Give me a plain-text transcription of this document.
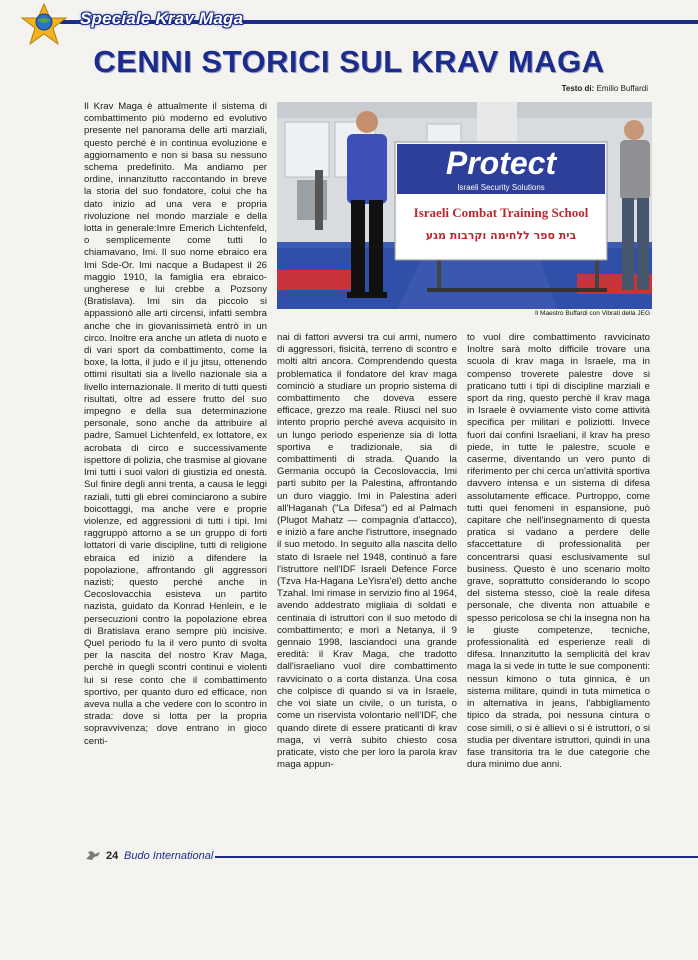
Speciale Krav Maga
CENNI STORICI SUL KRAV MAGA
Testo di: Emilio Buffardi
Protect
Israeli Security Solutions
Israeli Combat Training School
בית ספר ללחימה וקרבות מגע
Il Maestro Buffardi con Vibrati della JEG

Il Krav Maga è attualmente il sistema di combattimento più moderno ed evolutivo presente nel panorama delle arti marziali, questo perché è in continua evoluzione e aggiornamento e non si basa su nessuno schema predefinito. Ma andiamo per ordine, innanzitutto raccontando in breve la storia del suo fondatore, colui che ha dato inizio ad una vera e propria rivoluzione nel mondo marziale e della lotta in generale:Imre Emerich Lichtenfeld, o semplicemente come tutti lo chiamavano, Imi. Il suo nome ebraico era Imi Sde-Or. Imi nacque a Budapest il 26 maggio 1910, la famiglia era ebraico-ungherese e lui crebbe a Pozsony (Bratislava). Imi sin da piccolo si appassionò alle arti circensi, infatti sembra anche che in giovanissimetà entrò in un circo. Inoltre era anche un atleta di nuoto e di vari sport da combattimento, come la boxe, la lotta, il judo e il ju jitsu, ottenendo ottimi risultati sia a livello nazionale sia a livello internazionale. Il merito di tutti questi risultati, oltre ad essere frutto del suo impegno e della sua determinazione personale, sono anche da attribuire al padre, Samuel Lichtenfeld, ex lottatore, ex acrobata di circo e successivamente ispettore di polizia, che trasmise al giovane Imi tutti i suoi valori di giustizia ed onestà. Sul finire degli anni trenta, a causa le leggi raziali, tutti gli ebrei cominciarono a subire boicottaggi, ma anche vere e proprie violenze, ed aggressioni di tutti i tipi. Imi raggruppò attorno a se un gruppo di forti lottatori di varie discipline, tutti di religione ebraica ed iniziò a difendere la popolazione, affrontando gli aggressori nazisti; questo perché anche in Cecoslovacchia esisteva un partito nazista, guidato da Konrad Henlein, e le persecuzioni contro la popolazione ebrea di Bratislava erano sempre più incisive. Quel periodo fu la il vero punto di svolta per la nascita del nostro Krav Maga, perchè in quegli scontri continui e violenti lui si rese conto che il combattimento sportivo, per quanto duro ed efficace, non aveva nulla a che vedere con lo scontro in strada: dove si lotta per la propria sopravvivenza; dove entrano in gioco centi-

nai di fattori avversi tra cui armi, numero di aggressori, fisicità, terreno di scontro e molti altri ancora. Comprendendo questa problematica il fondatore del krav maga cominciò a studiare un proprio sistema di combattimento che doveva essere efficace, grezzo ma reale. Riuscì nel suo intento proprio perché aveva acquisito in un lungo periodo esperienze sia di lotta sportiva e tradizionale, sia di combattimenti di strada. Quando la Germania occupò la Cecoslovaccia, Imi partì subito per la Palestina, affrontando un duro viaggio. Imi in Palestina aderì all'Haganah ("La Difesa") ed al Palmach (Plugot Mahatz — compagnia d'attacco), e iniziò a fare anche l'istruttore, insegnado il suo metodo. In seguito alla nascita dello stato di Israele nel 1948, continuò a fare l'istruttore nell'IDF Israeli Defence Force (Tzva Ha-Hagana LeYisra'el) detto anche Tzahal. Imi rimase in servizio fino al 1964, avendo addestrato migliaia di soldati e centinaia di istruttori con il suo metodo di combattimento; e morì a Netanya, il 9 gennaio 1998, lasciandoci una grande eredità: il Krav Maga, che tradotto dall'israeliano vuol dire combattimento ravvicinato o a corta distanza. Una cosa che colpisce di quando si va in Israele, che voi siate un civile, o un turista, o come un riservista volontario nell'IDF, che quando direte di essere praticanti di krav maga, vi verrà subito chiesto cosa praticate, visto che per loro la parola krav maga appun-

to vuol dire combattimento ravvicinato Inoltre sarà molto difficile trovare una scuola di krav maga in Israele, ma in compenso troverete palestre dove si praticano tutti i tipi di discipline marziali e sport da ring, questo perchè il krav maga in Israele è ovviamente visto come attività specifica per militari e poliziotti. Invece fuori dai confini Israeliani, il krav ha preso piede, in tutte le palestre, scuole e caserme, diventando un vero punto di riferimento per chi cerca un'attività sportiva davvero intensa e un sistema di difesa assolutamente efficace. Purtroppo, come tutti quei fenomeni in espansione, può capitare che nell'insegnamento di questa pratica si vadano a perdere delle sfaccettature di professionalità per concentrarsi quasi esclusivamente sul business. Questo è uno scenario molto grave, soprattutto considerando lo scopo del sistema stesso, cioè la reale difesa personale, che diventa non attuabile e spesso pericolosa se chi la insegna non ha le giuste competenze, tecniche, professionalità ed esperienze reali di difesa. Innanzitutto la semplicità del krav maga la si vede in tutte le sue componenti: nessun kimono o tuta ginnica, è un sistema militare, quindi in tuta mimetica o in alternativa in jeans, l'abbigliamento tipico da strada, poi nessuna cintura o cose simili, o si è allievi o si è istruttori, o si studia per diventare istruttori, quindi in una fase transitoria tra le due categorie che dura minimo due anni.

24 Budo International
